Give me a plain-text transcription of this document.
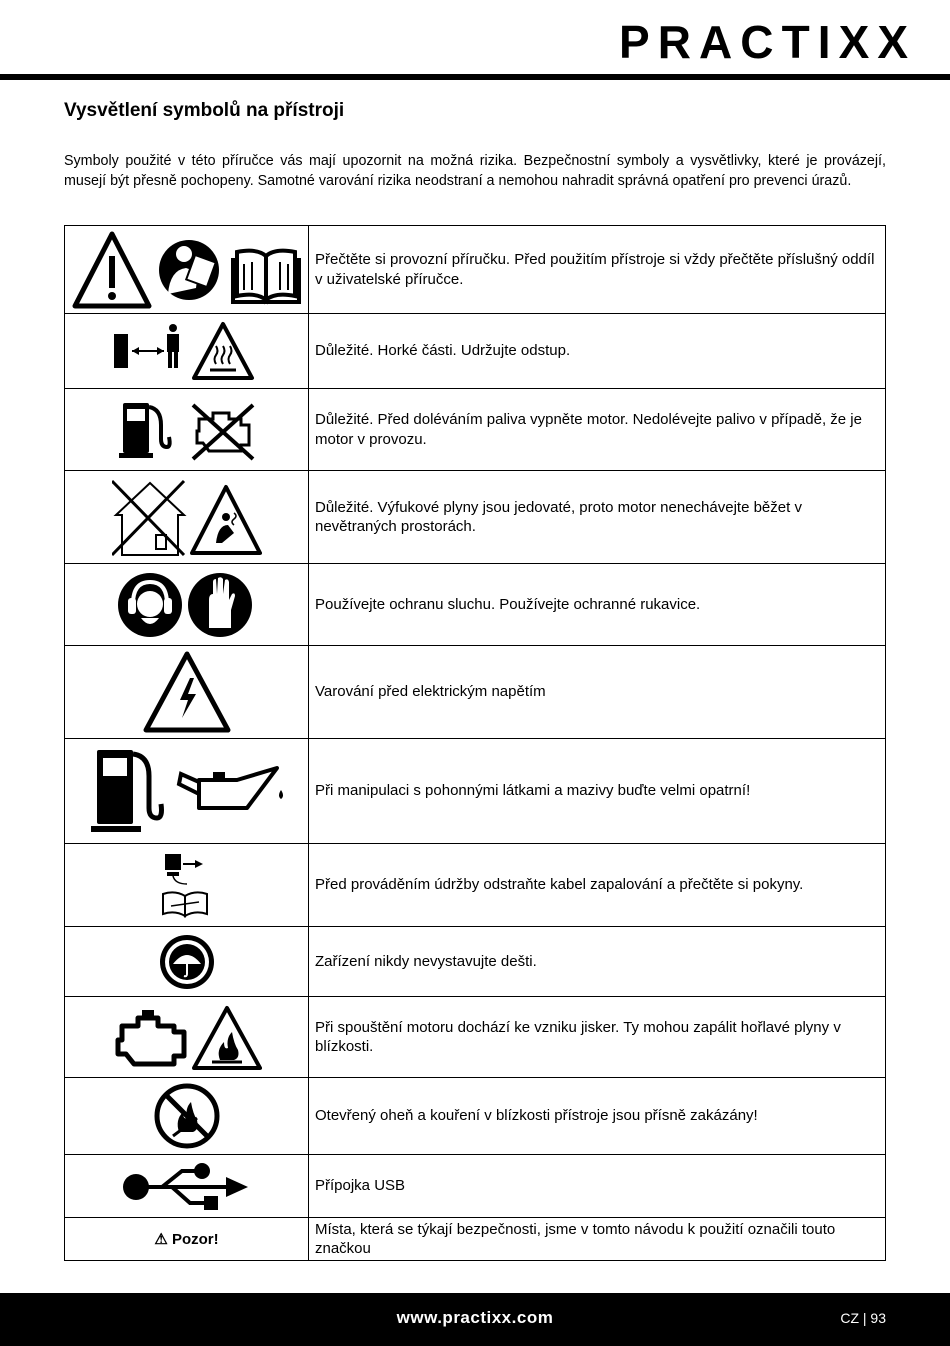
PRACTIXX
Vysvětlení symbolů na přístroji

Symboly použité v této příručce vás mají upozornit na možná rizika. Bezpečnostní symboly a vysvětlivky, které je provázejí, musejí být přesně pochopeny. Samotné varování rizika neodstraní a nemohou nahradit správná opatření pro prevenci úrazů.

	Přečtěte si provozní příručku. Před použitím přístroje si vždy přečtěte příslušný oddíl v uživatelské příručce.

	Důležité. Horké části. Udržujte odstup.

	Důležité. Před doléváním paliva vypněte motor. Nedolévejte palivo v případě, že je motor v provozu.

	Důležité. Výfukové plyny jsou jedovaté, proto motor nenechávejte běžet v nevětraných prostorách.

	Používejte ochranu sluchu. Používejte ochranné rukavice.

	Varování před elektrickým napětím

	Při manipulaci s pohonnými látkami a mazivy buďte velmi opatrní!

	Před prováděním údržby odstraňte kabel zapalování a přečtěte si pokyny.

	Zařízení nikdy nevystavujte dešti.

	Při spouštění motoru dochází ke vzniku jisker. Ty mohou zapálit hořlavé plyny v blízkosti.

	Otevřený oheň a kouření v blízkosti přístroje jsou přísně zakázány!

	Přípojka USB
⚠ Pozor!	Místa, která se týkají bezpečnosti, jsme v tomto návodu k použití označili touto značkou
www.practixx.com	CZ | 93
